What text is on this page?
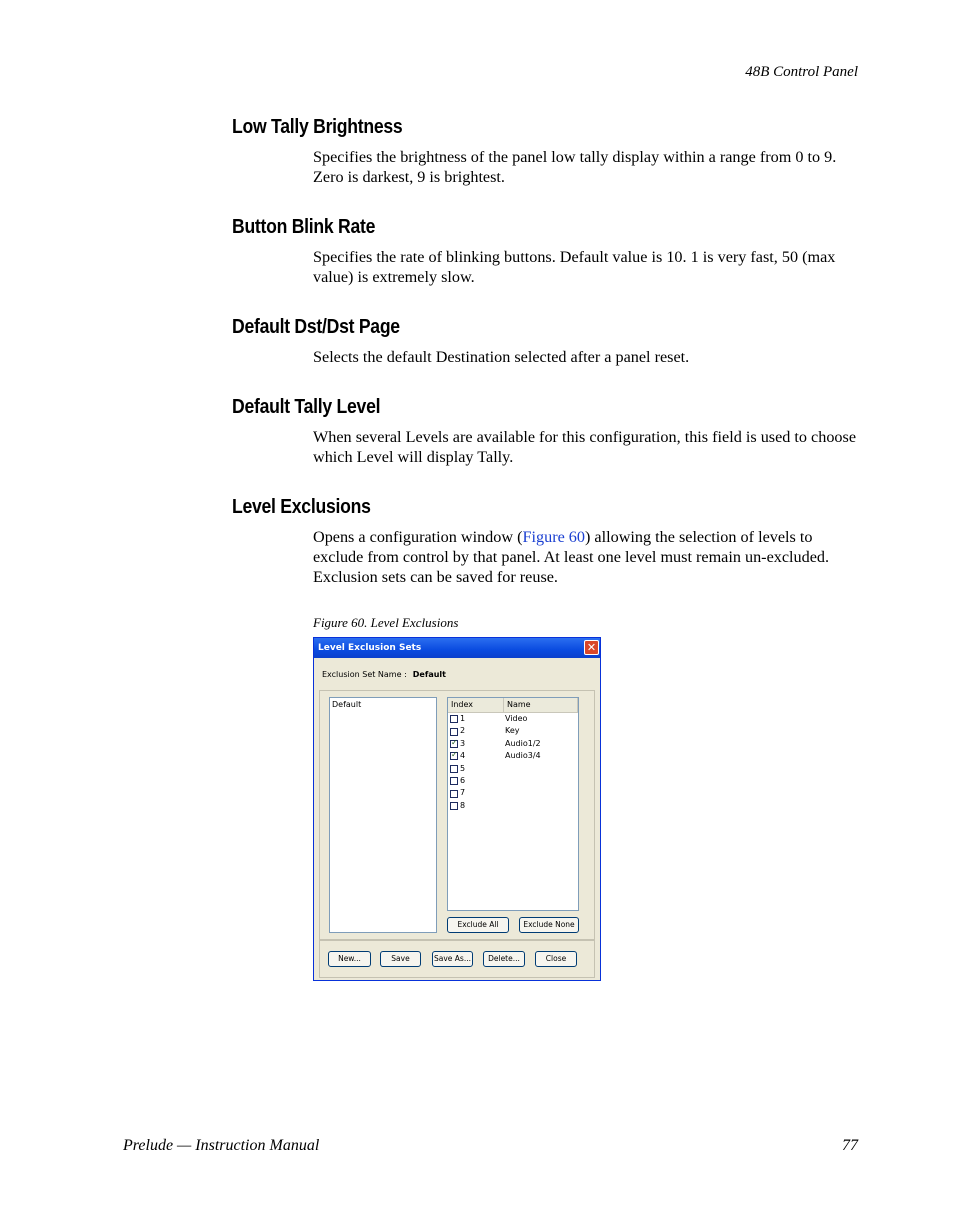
48B Control Panel
Low Tally Brightness

Specifies the brightness of the panel low tally display within a range from 0 to 9. Zero is darkest, 9 is brightest.

Button Blink Rate

Specifies the rate of blinking buttons. Default value is 10. 1 is very fast, 50 (max value) is extremely slow.

Default Dst/Dst Page

Selects the default Destination selected after a panel reset.

Default Tally Level

When several Levels are available for this configuration, this field is used to choose which Level will display Tally.

Level Exclusions

Opens a configuration window (Figure 60) allowing the selection of levels to exclude from control by that panel. At least one level must remain un-excluded. Exclusion sets can be saved for reuse.

Figure 60. Level Exclusions
Level Exclusion Sets	✕
Exclusion Set Name : Default
Default	Index	Name
1	Video
2	Key
✓
3	Audio1/2
✓
4	Audio3/4
5
6
7
8
Exclude All	Exclude None
New...	Save	Save As...	Delete...	Close
Prelude — Instruction Manual	77
